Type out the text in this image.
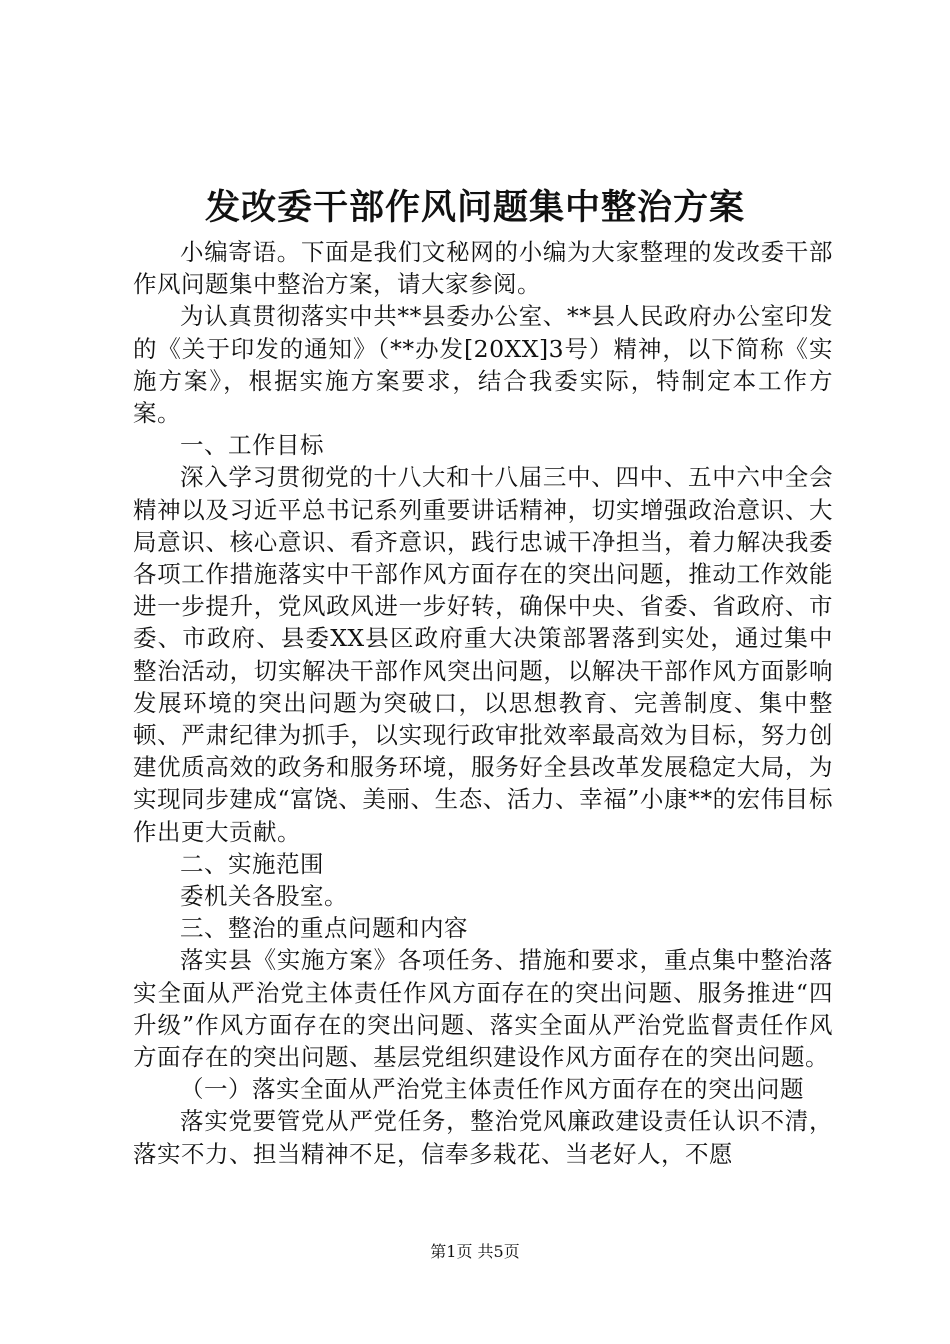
发改委干部作风问题集中整治方案

小编寄语。下面是我们文秘网的小编为大家整理的发改委干部作风问题集中整治方案，请大家参阅。

为认真贯彻落实中共**县委办公室、**县人民政府办公室印发的《关于印发的通知》（**办发[20XX]3号）精神，以下简称《实施方案》，根据实施方案要求，结合我委实际，特制定本工作方案。

一、工作目标

深入学习贯彻党的十八大和十八届三中、四中、五中六中全会精神以及习近平总书记系列重要讲话精神，切实增强政治意识、大局意识、核心意识、看齐意识，践行忠诚干净担当，着力解决我委各项工作措施落实中干部作风方面存在的突出问题，推动工作效能进一步提升，党风政风进一步好转，确保中央、省委、省政府、市委、市政府、县委XX县区政府重大决策部署落到实处，通过集中整治活动，切实解决干部作风突出问题，以解决干部作风方面影响发展环境的突出问题为突破口，以思想教育、完善制度、集中整顿、严肃纪律为抓手，以实现行政审批效率最高效为目标，努力创建优质高效的政务和服务环境，服务好全县改革发展稳定大局，为实现同步建成“富饶、美丽、生态、活力、幸福”小康**的宏伟目标作出更大贡献。

二、实施范围

委机关各股室。

三、整治的重点问题和内容

落实县《实施方案》各项任务、措施和要求，重点集中整治落实全面从严治党主体责任作风方面存在的突出问题、服务推进“四升级”作风方面存在的突出问题、落实全面从严治党监督责任作风方面存在的突出问题、基层党组织建设作风方面存在的突出问题。

（一）落实全面从严治党主体责任作风方面存在的突出问题

落实党要管党从严党任务，整治党风廉政建设责任认识不清，落实不力、担当精神不足，信奉多栽花、当老好人，不愿

第1页 共5页
